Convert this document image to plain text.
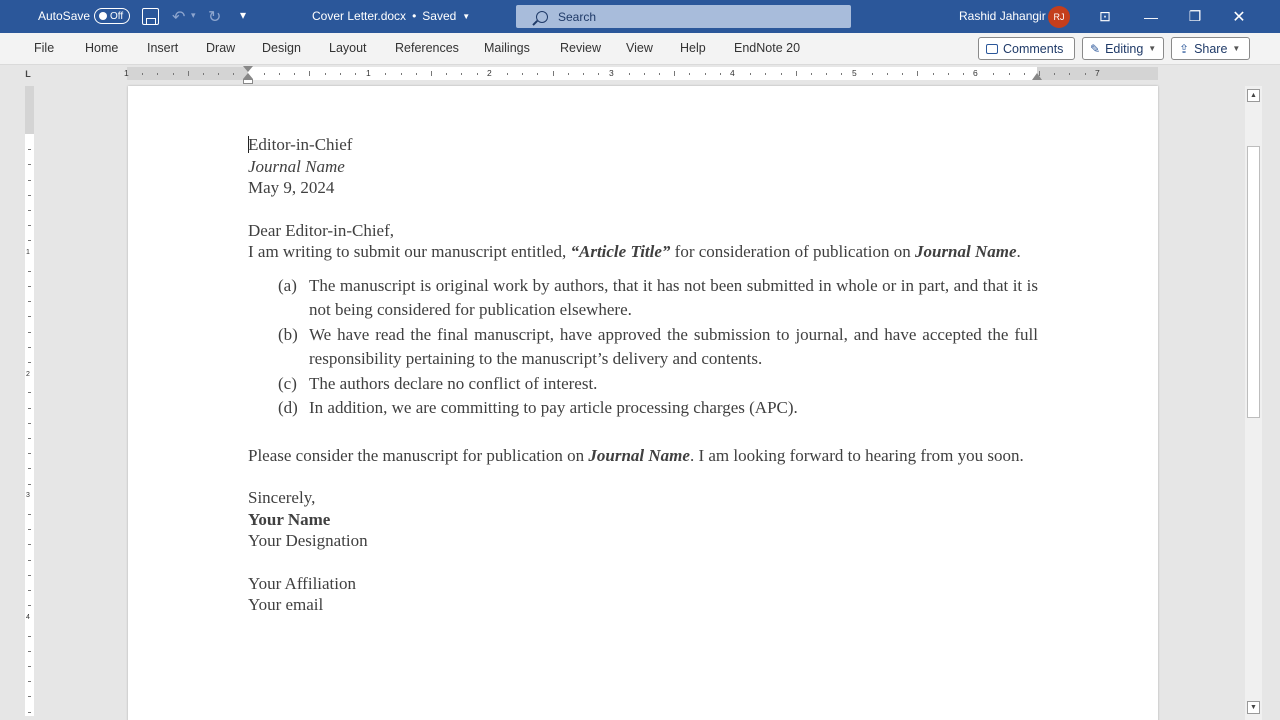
AutoSave Off	↶ ▾ ↻ ▾	Cover Letter.docx • Saved ▼	Search	Rashid Jahangir RJ	⊡	—	❐	✕
File Home Insert Draw Design Layout References Mailings Review View Help EndNote 20	Comments ✎ Editing ▼ ⇪ Share ▼
L	1	1	2	3	4	5	6	7
1
2
3
4

Editor-in-Chief

Journal Name

May 9, 2024

Dear Editor-in-Chief,

I am writing to submit our manuscript entitled, “Article Title” for consideration of publication on Journal Name.

(a) The manuscript is original work by authors, that it has not been submitted in whole or in part, and that it is not being considered for publication elsewhere.
(b) We have read the final manuscript, have approved the submission to journal, and have accepted the full responsibility pertaining to the manuscript’s delivery and contents.
(c) The authors declare no conflict of interest.
(d) In addition, we are committing to pay article processing charges (APC).

Please consider the manuscript for publication on Journal Name. I am looking forward to hearing from you soon.

Sincerely,

Your Name

Your Designation

Your Affiliation

Your email

▲
▼
